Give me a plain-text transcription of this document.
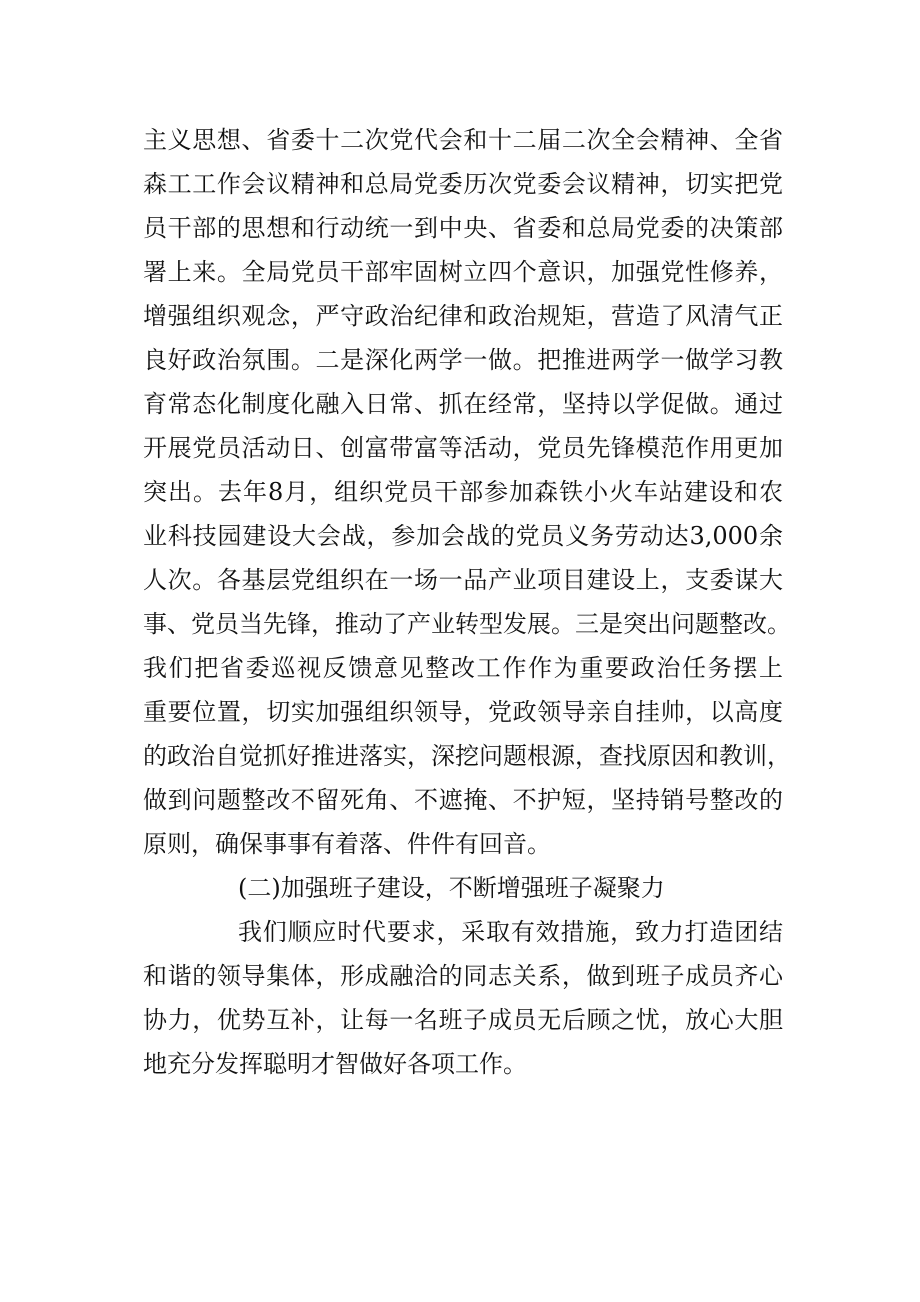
主义思想、省委十二次党代会和十二届二次全会精神、全省
森工工作会议精神和总局党委历次党委会议精神，切实把党
员干部的思想和行动统一到中央、省委和总局党委的决策部
署上来。全局党员干部牢固树立四个意识，加强党性修养，
增强组织观念，严守政治纪律和政治规矩，营造了风清气正
良好政治氛围。二是深化两学一做。把推进两学一做学习教
育常态化制度化融入日常、抓在经常，坚持以学促做。通过
开展党员活动日、创富带富等活动，党员先锋模范作用更加
突出。去年8月，组织党员干部参加森铁小火车站建设和农
业科技园建设大会战，参加会战的党员义务劳动达3,000余
人次。各基层党组织在一场一品产业项目建设上，支委谋大
事、党员当先锋，推动了产业转型发展。三是突出问题整改。
我们把省委巡视反馈意见整改工作作为重要政治任务摆上
重要位置，切实加强组织领导，党政领导亲自挂帅，以高度
的政治自觉抓好推进落实，深挖问题根源，查找原因和教训，
做到问题整改不留死角、不遮掩、不护短，坚持销号整改的
原则，确保事事有着落、件件有回音。
(二)加强班子建设，不断增强班子凝聚力
我们顺应时代要求，采取有效措施，致力打造团结
和谐的领导集体，形成融洽的同志关系，做到班子成员齐心
协力，优势互补，让每一名班子成员无后顾之忧，放心大胆
地充分发挥聪明才智做好各项工作。
